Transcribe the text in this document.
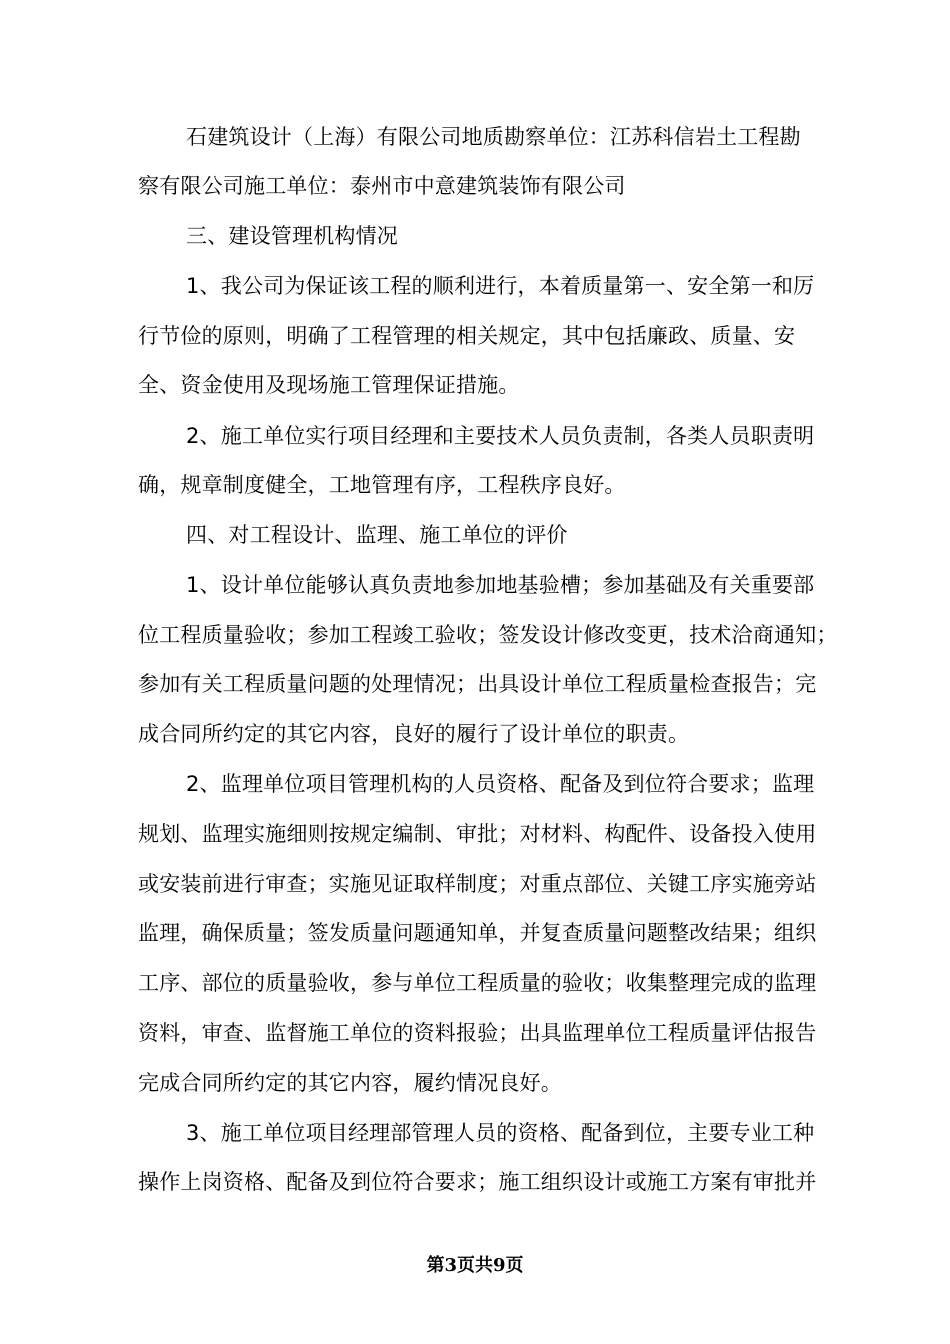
石建筑设计（上海）有限公司地质勘察单位：江苏科信岩土工程勘
察有限公司施工单位：泰州市中意建筑装饰有限公司
三、建设管理机构情况
1、我公司为保证该工程的顺利进行，本着质量第一、安全第一和厉
行节俭的原则，明确了工程管理的相关规定，其中包括廉政、质量、安
全、资金使用及现场施工管理保证措施。
2、施工单位实行项目经理和主要技术人员负责制，各类人员职责明
确，规章制度健全，工地管理有序，工程秩序良好。
四、对工程设计、监理、施工单位的评价
1、设计单位能够认真负责地参加地基验槽；参加基础及有关重要部
位工程质量验收；参加工程竣工验收；签发设计修改变更，技术洽商通知；
参加有关工程质量问题的处理情况；出具设计单位工程质量检查报告；完
成合同所约定的其它内容，良好的履行了设计单位的职责。
2、监理单位项目管理机构的人员资格、配备及到位符合要求；监理
规划、监理实施细则按规定编制、审批；对材料、构配件、设备投入使用
或安装前进行审查；实施见证取样制度；对重点部位、关键工序实施旁站
监理，确保质量；签发质量问题通知单，并复查质量问题整改结果；组织
工序、部位的质量验收，参与单位工程质量的验收；收集整理完成的监理
资料，审查、监督施工单位的资料报验；出具监理单位工程质量评估报告
完成合同所约定的其它内容，履约情况良好。
3、施工单位项目经理部管理人员的资格、配备到位，主要专业工种
操作上岗资格、配备及到位符合要求；施工组织设计或施工方案有审批并
第3页共9页
